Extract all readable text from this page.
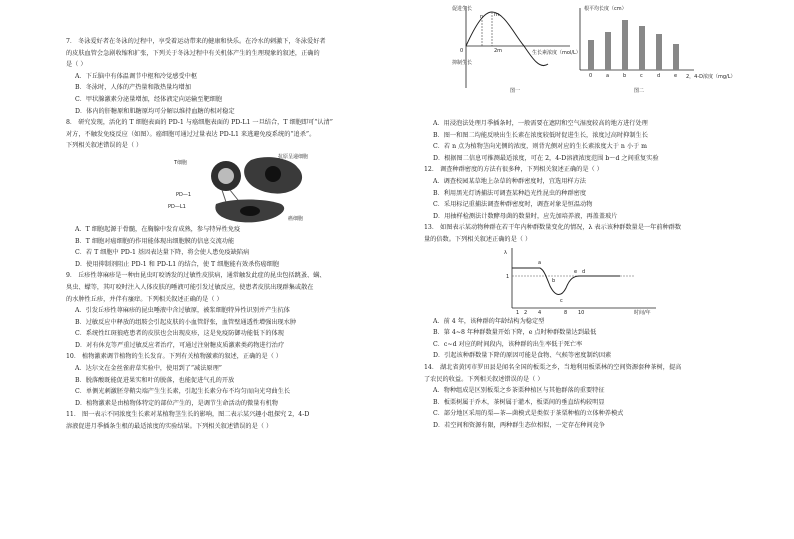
7． 冬泳爱好者在冬泳的过程中，享受着运动带来的健康和快乐。在冷水的刺激下，冬泳爱好者
的皮肤血管会急剧收缩和扩张，下列关于冬泳过程中有关机体产生的生理现象的叙述，正确的
是（ ）
A．下丘脑中有体温调节中枢和冷觉感受中枢
B．冬泳时，人体的产热量和散热量均增加
C．甲状腺激素分泌量增加，经体液定向运输至靶细胞
D．体内的肝糖原和肌糖原均可分解以维持血糖的相对稳定
8． 研究发现，活化的 T 细胞表面的 PD-1 与癌细胞表面的 PD-L1 一旦结合，T 细胞即可“认清”
对方，不触发免疫反应（如图）。癌细胞可通过过量表达 PD-L1 来逃避免疫系统的“追杀”。
下列相关叙述错误的是（ ）
抗原呈递细胞
T细胞
PD—1
PD—L1
癌细胞
A．T 细胞起源于骨髓，在胸腺中发育成熟，参与特异性免疫
B．T 细胞对癌细胞的作用能体现出细胞膜的信息交流功能
C．若 T 细胞中 PD-1 基因表达量下降，将会使人患免疫缺陷病
D．使用抑制剂阻止 PD-1 和 PD-L1 的结合，使 T 细胞能有效杀伤癌细胞
9． 丘疹性荨麻疹是一种由昆虫叮咬诱发的过敏性皮肤病，通常触发此症的昆虫包括跳蚤、螨、
臭虫、蠓等，其叮咬时注入人体皮肤的唾液可能引发过敏反应，使患者皮肤出现群集或散在
的水肿性丘疹，并伴有瘙痒。下列相关叙述正确的是（ ）
A．引发丘疹性荨麻疹的昆虫唾液中含过敏原，被浆细胞特异性识别并产生抗体
B．过敏反应中释放的组胺会引起皮肤的小血管舒张，血管壁通透性增强出现水肿
C．系统性红斑狼疮患者的皮肤也会出现皮疹，这是免疫防御功能低下的体现
D．对有休克等严重过敏反应者治疗，可通过注射糖皮质激素类药物进行治疗
10． 植物激素调节植物的生长发育。下列有关植物激素的叙述，正确的是（ ）
A．达尔文在金丝雀䓷草实验中，使用到了“减法原理”
B．脱落酸既能促进果实和叶的脱落，也能促进气孔的开放
C．单侧光刺激胚芽鞘尖端产生生长素，引起生长素分布不均匀而向光弯曲生长
D．植物激素是由植物体特定的部位产生的，是调节生命活动的微量有机物
11． 图一表示不同浓度生长素对某植物茎生长的影响，图二表示某兴趣小组探究 2，4-D
溶液促进月季插条生根的最适浓度的实验结果。下列相关叙述错误的是（ ）
促进生长
抑制生长
n m
2m
0	生长素浓度（mol/L）
图一
根平均长度（cm）
0	a	b	c	d	e 2，4-D浓度（mg/L）
图二
A．用浸泡法处理月季插条时，一般需要在遮阴和空气湿度较高的地方进行处理
B．图一和图二均能反映出生长素在浓度较低时促进生长，浓度过高时抑制生长
C．若 n 点为植物茎向光侧的浓度，则背光侧对应的生长素浓度大于 n 小于 m
D．根据图二信息可推测最适浓度，可在 2，4-D溶液浓度范围 b～d 之间重复实验
12． 调查种群密度的方法有很多种，下列相关叙述正确的是（ ）
A．调查校园某草地上杂草的种群密度时，宜选用样方法
B．利用黑光灯诱捕法可调查某种趋光性昆虫的种群密度
C．采用标记重捕法调查种群密度时，调查对象是恒温动物
D．用抽样检测法计数酵母菌的数量时，应先加培养液，再盖盖玻片
13． 如图表示某动物种群在若干年内种群数量变化的情况，λ 表示该种群数量是一年前种群数
量的倍数。下列相关叙述正确的是（ ）
λ
1
a
b
c
d
e
1 2 4	8 10	时间/年
A．前 4 年，该种群的年龄结构为稳定型
B．第 4~8 年种群数量开始下降，e 点时种群数量达到最低
C．c~d 对应的时间段内，该种群的出生率低于死亡率
D．引起该种群数量下降的原因可能是食物、气候等密度制约因素
14． 湖北省黄冈市罗田县是闻名全国的板栗之乡，当地利用板栗林的空间资源套种茶树，提高
了农民的收益。下列相关叙述错误的是（ ）
A．物种组成是区别板栗之乡茶栗种植区与其他群落的重要特征
B．板栗树属于乔木，茶树属于灌木，板栗间的垂直结构较明显
C．部分地区采用的栗—茶—菌模式是类似于茶栗种植的立体种养模式
D．若空间和资源有限，两种群生态位相似，一定存在种间竞争
